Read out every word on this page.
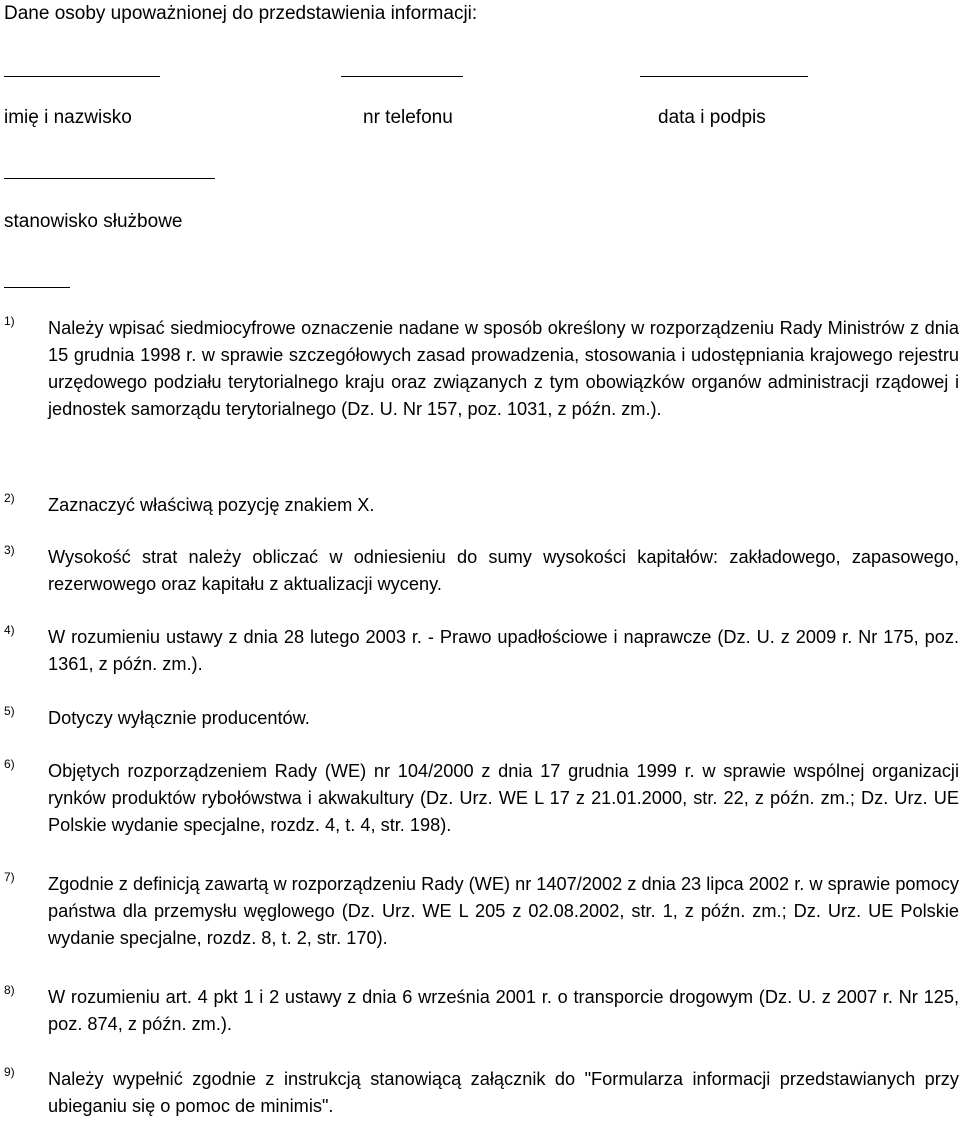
Dane osoby upoważnionej do przedstawienia informacji:
imię i nazwisko	nr telefonu	data i podpis
stanowisko służbowe
1) Należy wpisać siedmiocyfrowe oznaczenie nadane w sposób określony w rozporządzeniu Rady Ministrów z dnia 15 grudnia 1998 r. w sprawie szczegółowych zasad prowadzenia, stosowania i udostępniania krajowego rejestru urzędowego podziału terytorialnego kraju oraz związanych z tym obowiązków organów administracji rządowej i jednostek samorządu terytorialnego (Dz. U. Nr 157, poz. 1031, z późn. zm.).
2) Zaznaczyć właściwą pozycję znakiem X.
3) Wysokość strat należy obliczać w odniesieniu do sumy wysokości kapitałów: zakładowego, zapasowego, rezerwowego oraz kapitału z aktualizacji wyceny.
4) W rozumieniu ustawy z dnia 28 lutego 2003 r. - Prawo upadłościowe i naprawcze (Dz. U. z 2009 r. Nr 175, poz. 1361, z późn. zm.).
5) Dotyczy wyłącznie producentów.
6) Objętych rozporządzeniem Rady (WE) nr 104/2000 z dnia 17 grudnia 1999 r. w sprawie wspólnej organizacji rynków produktów rybołówstwa i akwakultury (Dz. Urz. WE L 17 z 21.01.2000, str. 22, z późn. zm.; Dz. Urz. UE Polskie wydanie specjalne, rozdz. 4, t. 4, str. 198).
7) Zgodnie z definicją zawartą w rozporządzeniu Rady (WE) nr 1407/2002 z dnia 23 lipca 2002 r. w sprawie pomocy państwa dla przemysłu węglowego (Dz. Urz. WE L 205 z 02.08.2002, str. 1, z późn. zm.; Dz. Urz. UE Polskie wydanie specjalne, rozdz. 8, t. 2, str. 170).
8) W rozumieniu art. 4 pkt 1 i 2 ustawy z dnia 6 września 2001 r. o transporcie drogowym (Dz. U. z 2007 r. Nr 125, poz. 874, z późn. zm.).
9) Należy wypełnić zgodnie z instrukcją stanowiącą załącznik do "Formularza informacji przedstawianych przy ubieganiu się o pomoc de minimis".
